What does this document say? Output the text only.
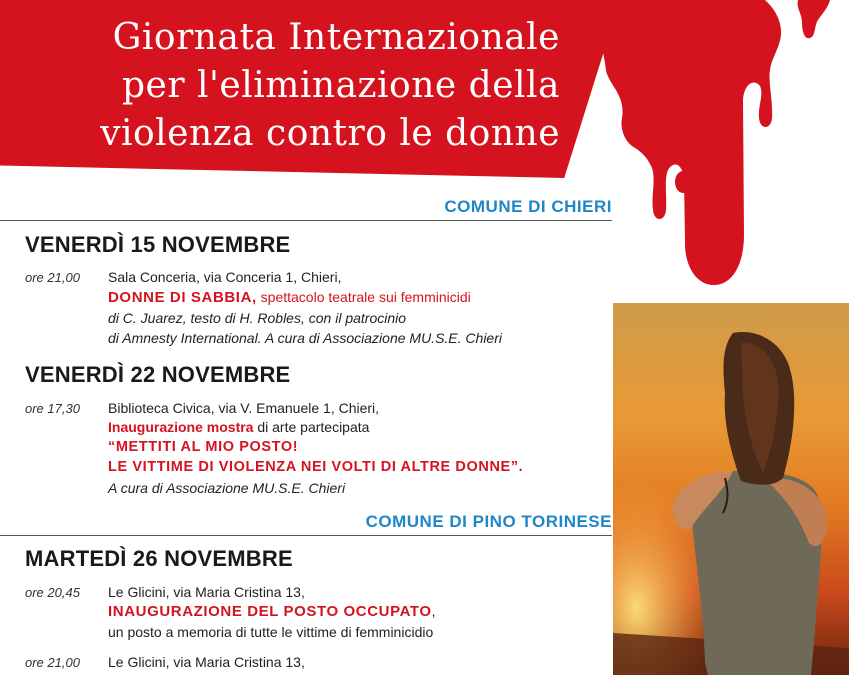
Giornata Internazionale
per l'eliminazione della
violenza contro le donne
COMUNE DI CHIERI
VENERDÌ 15 NOVEMBRE
ore 21,00 Sala Conceria, via Conceria 1, Chieri,
DONNE DI SABBIA, spettacolo teatrale sui femminicidi
di C. Juarez, testo di H. Robles, con il patrocinio
di Amnesty International. A cura di Associazione MU.S.E. Chieri
VENERDÌ 22 NOVEMBRE
ore 17,30 Biblioteca Civica, via V. Emanuele 1, Chieri,
Inaugurazione mostra di arte partecipata
“METTITI AL MIO POSTO!
LE VITTIME DI VIOLENZA NEI VOLTI DI ALTRE DONNE”.
A cura di Associazione MU.S.E. Chieri
COMUNE DI PINO TORINESE
MARTEDÌ 26 NOVEMBRE
ore 20,45 Le Glicini, via Maria Cristina 13,
INAUGURAZIONE DEL POSTO OCCUPATO,
un posto a memoria di tutte le vittime di femminicidio
ore 21,00 Le Glicini, via Maria Cristina 13,
